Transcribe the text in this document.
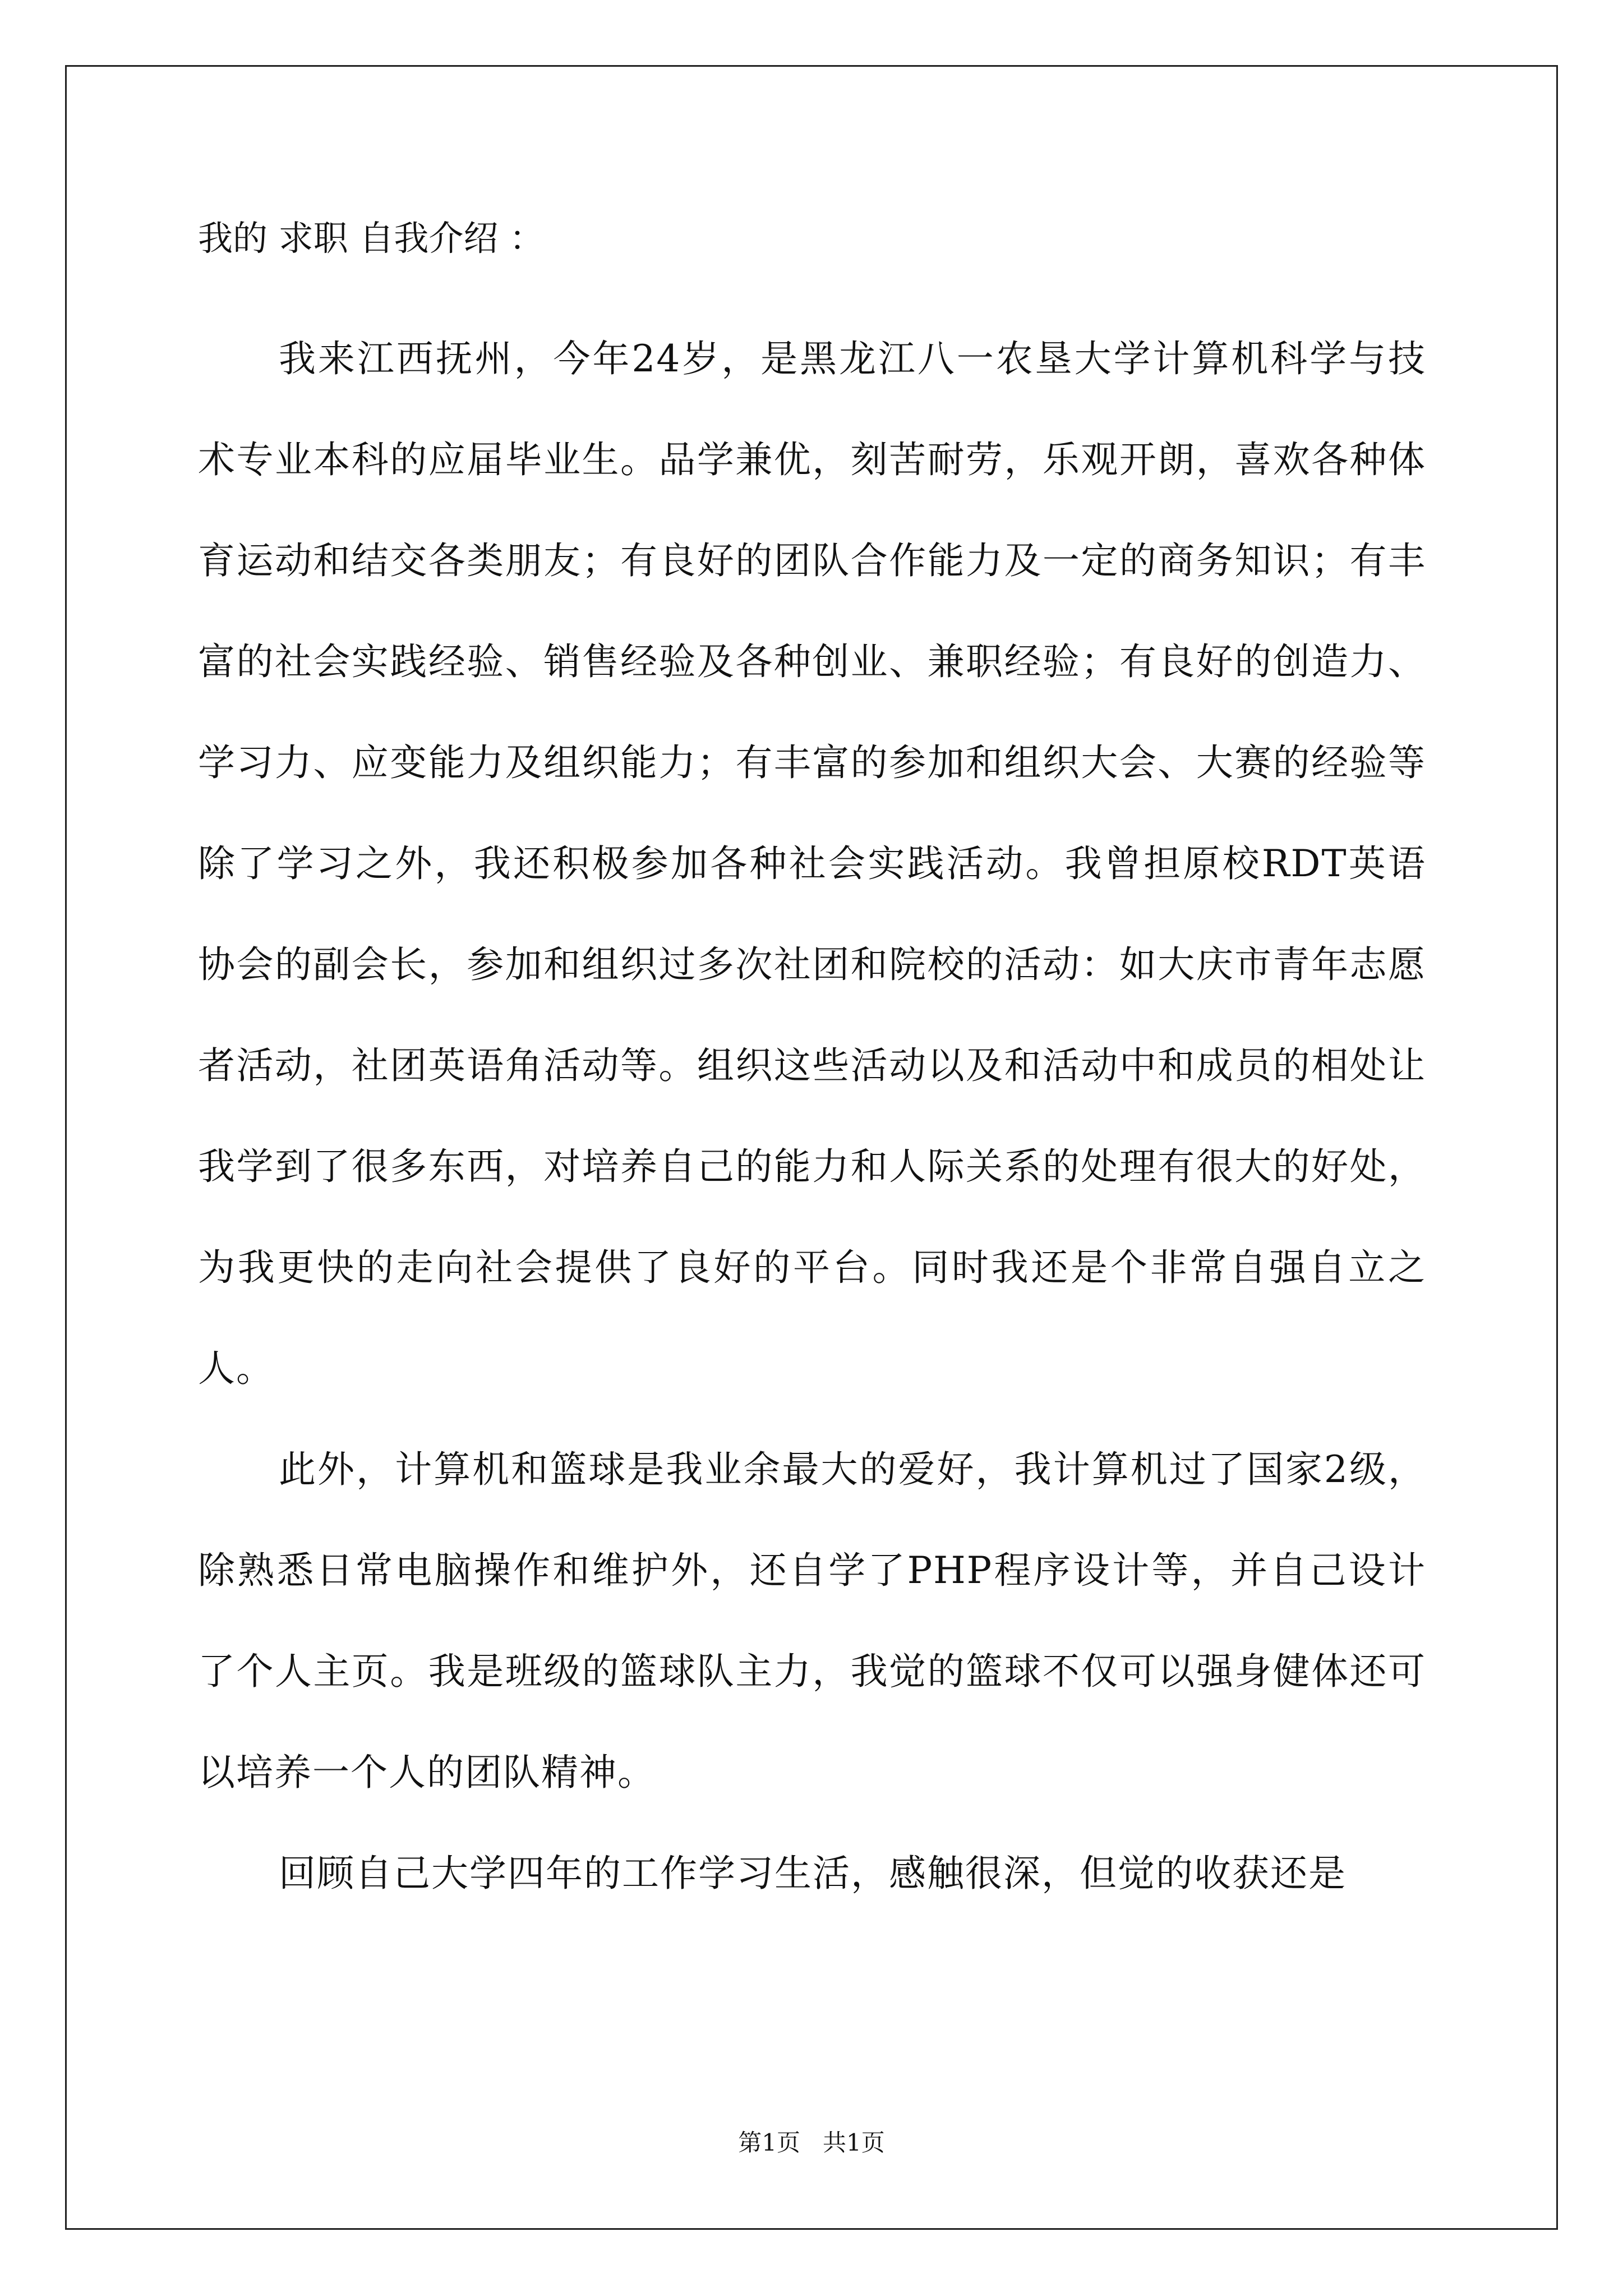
我的 求职 自我介绍 ：

我来江西抚州，今年24岁，是黑龙江八一农垦大学计算机科学与技术专业本科的应届毕业生。品学兼优，刻苦耐劳，乐观开朗，喜欢各种体育运动和结交各类朋友；有良好的团队合作能力及一定的商务知识；有丰富的社会实践经验、销售经验及各种创业、兼职经验；有良好的创造力、学习力、应变能力及组织能力；有丰富的参加和组织大会、大赛的经验等 除了学习之外，我还积极参加各种社会实践活动。我曾担原校RDT英语协会的副会长，参加和组织过多次社团和院校的活动：如大庆市青年志愿者活动，社团英语角活动等。组织这些活动以及和活动中和成员的相处让我学到了很多东西，对培养自己的能力和人际关系的处理有很大的好处，为我更快的走向社会提供了良好的平台。同时我还是个非常自强自立之人。

此外，计算机和篮球是我业余最大的爱好，我计算机过了国家2级，除熟悉日常电脑操作和维护外，还自学了PHP程序设计等，并自己设计了个人主页。我是班级的篮球队主力，我觉的篮球不仅可以强身健体还可以培养一个人的团队精神。

回顾自己大学四年的工作学习生活，感触很深，但觉的收获还是

第1页   共1页
